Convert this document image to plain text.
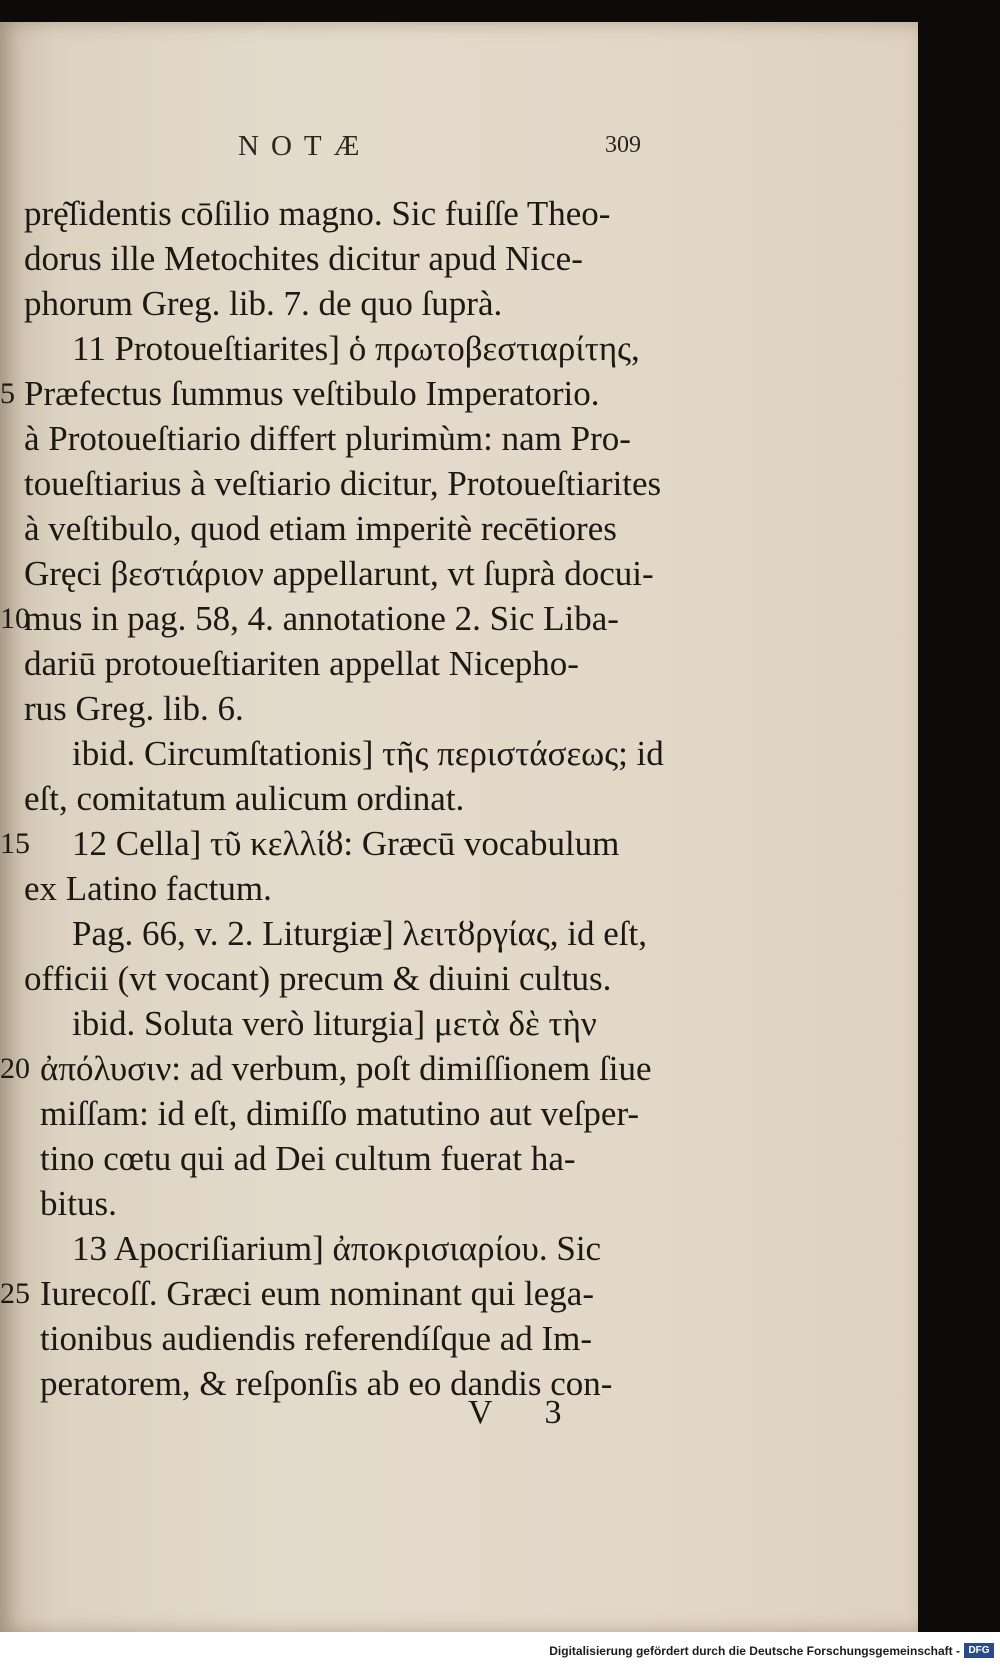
NOTÆ	309
prę͂ſidentis cōſilio magno. Sic fuiſſe Theo-
dorus ille Metochites dicitur apud Nice-
phorum Greg. lib. 7. de quo ſuprà.
11 Protoueſtiarites] ὁ πρωτοβεστιαρίτης,
5 Præfectus ſummus veſtibulo Imperatorio.
à Protoueſtiario differt plurimùm: nam Pro-
toueſtiarius à veſtiario dicitur, Protoueſtiarites
à veſtibulo, quod etiam imperitè recētiores
Gręci βεστιάριον appellarunt, vt ſuprà docui-
10
mus in pag. 58, 4. annotatione 2. Sic Liba-
dariū protoueſtiariten appellat Nicepho-
rus Greg. lib. 6.
ibid. Circumſtationis] τῆς περιστάσεως; id
eſt, comitatum aulicum ordinat.
15 12 Cella] τῦ κελλίȣ: Græcū vocabulum
ex Latino factum.
Pag. 66, v. 2. Liturgiæ] λειτȣργίας, id eſt,
officii (vt vocant) precum & diuini cultus.
ibid. Soluta verò liturgia] μετὰ δὲ τὴν
20 ἀπόλυσιν: ad verbum, poſt dimiſſionem ſiue
miſſam: id eſt, dimiſſo matutino aut veſper-
tino cœtu qui ad Dei cultum fuerat ha-
bitus.
13 Apocriſiarium] ἀποκρισιαρίου. Sic
25 Iurecoſſ. Græci eum nominant qui lega-
tionibus audiendis referendíſque ad Im-
peratorem, & reſponſis ab eo dandis con-
V 3
Digitalisierung gefördert durch die Deutsche Forschungsgemeinschaft - DFG
